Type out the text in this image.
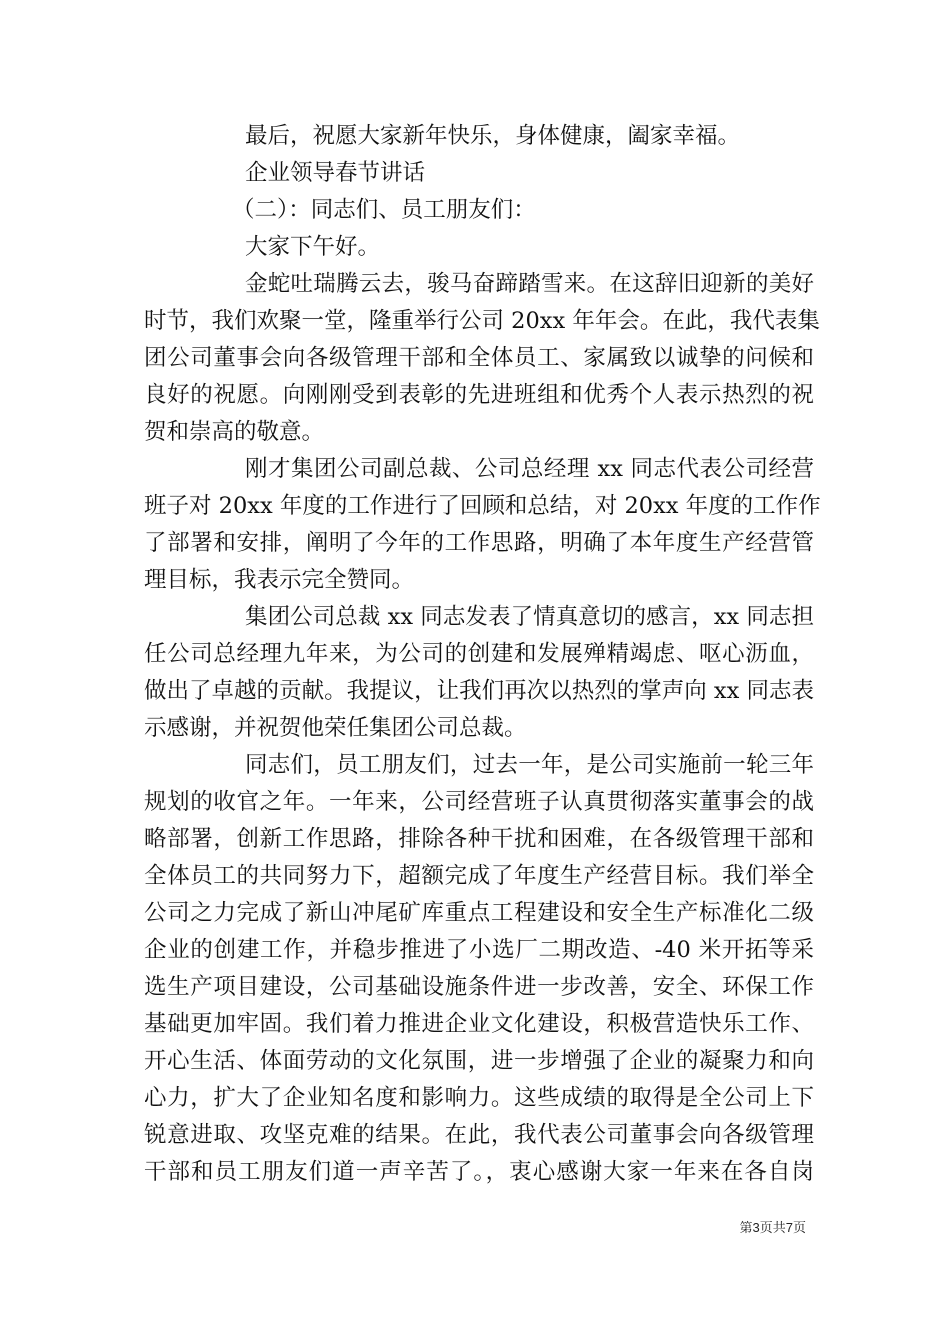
最后，祝愿大家新年快乐，身体健康，阖家幸福。
企业领导春节讲话
（二）：同志们、员工朋友们：
大家下午好。
金蛇吐瑞腾云去，骏马奋蹄踏雪来。在这辞旧迎新的美好
时节，我们欢聚一堂，隆重举行公司 20xx 年年会。在此，我代表集
团公司董事会向各级管理干部和全体员工、家属致以诚挚的问候和
良好的祝愿。向刚刚受到表彰的先进班组和优秀个人表示热烈的祝
贺和崇高的敬意。
刚才集团公司副总裁、公司总经理 xx 同志代表公司经营
班子对 20xx 年度的工作进行了回顾和总结，对 20xx 年度的工作作
了部署和安排，阐明了今年的工作思路，明确了本年度生产经营管
理目标，我表示完全赞同。
集团公司总裁 xx 同志发表了情真意切的感言，xx 同志担
任公司总经理九年来，为公司的创建和发展殚精竭虑、呕心沥血，
做出了卓越的贡献。我提议，让我们再次以热烈的掌声向 xx 同志表
示感谢，并祝贺他荣任集团公司总裁。
同志们，员工朋友们，过去一年，是公司实施前一轮三年
规划的收官之年。一年来，公司经营班子认真贯彻落实董事会的战
略部署，创新工作思路，排除各种干扰和困难，在各级管理干部和
全体员工的共同努力下，超额完成了年度生产经营目标。我们举全
公司之力完成了新山冲尾矿库重点工程建设和安全生产标准化二级
企业的创建工作，并稳步推进了小选厂二期改造、-40 米开拓等采
选生产项目建设，公司基础设施条件进一步改善，安全、环保工作
基础更加牢固。我们着力推进企业文化建设，积极营造快乐工作、
开心生活、体面劳动的文化氛围，进一步增强了企业的凝聚力和向
心力，扩大了企业知名度和影响力。这些成绩的取得是全公司上下
锐意进取、攻坚克难的结果。在此，我代表公司董事会向各级管理
干部和员工朋友们道一声辛苦了。，衷心感谢大家一年来在各自岗
第3页共7页
